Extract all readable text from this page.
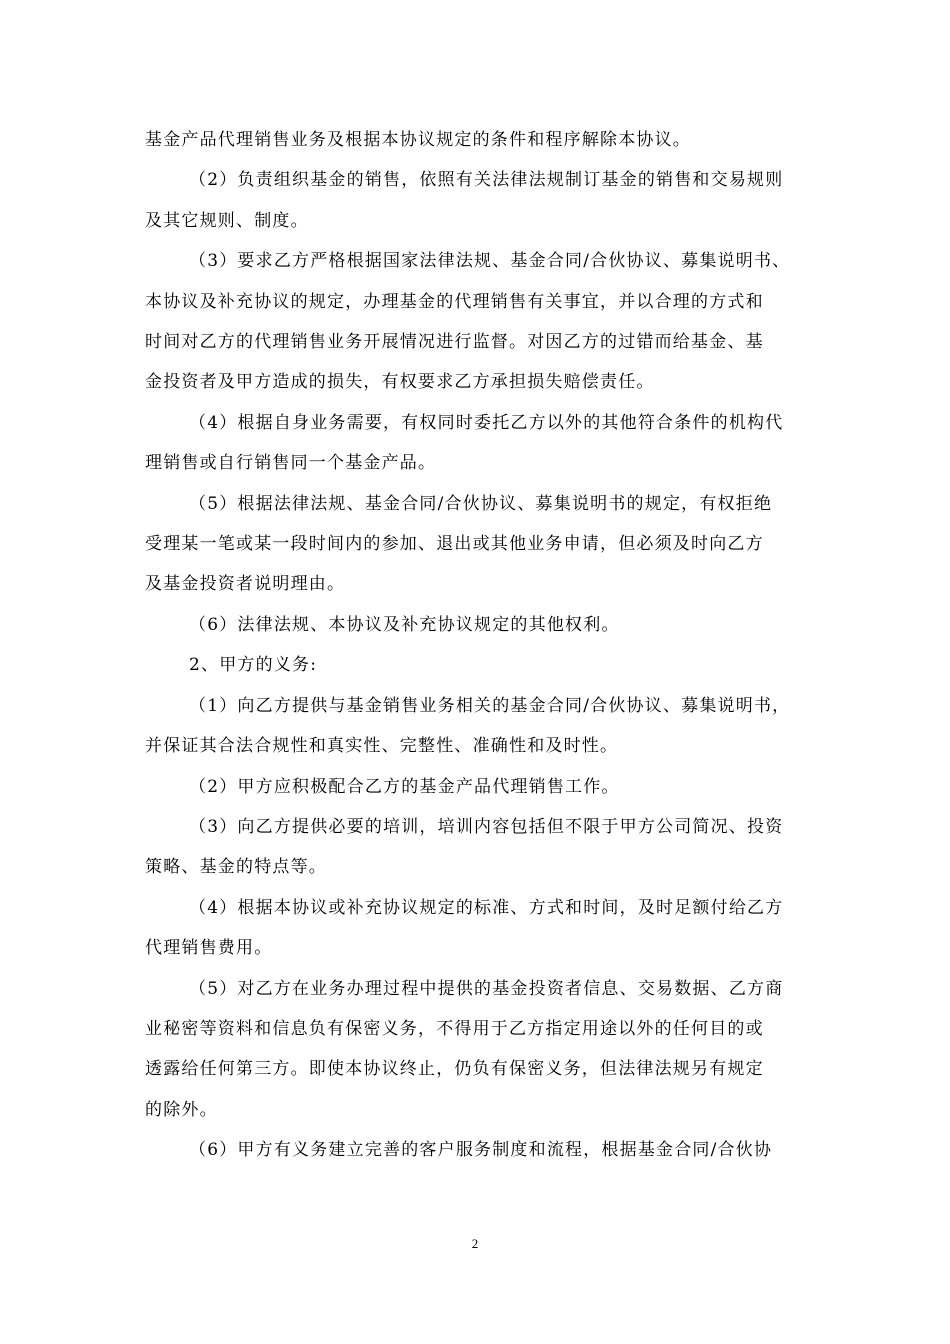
基金产品代理销售业务及根据本协议规定的条件和程序解除本协议。

（2）负责组织基金的销售，依照有关法律法规制订基金的销售和交易规则

及其它规则、制度。

（3）要求乙方严格根据国家法律法规、基金合同/合伙协议、募集说明书、

本协议及补充协议的规定，办理基金的代理销售有关事宜，并以合理的方式和

时间对乙方的代理销售业务开展情况进行监督。对因乙方的过错而给基金、基

金投资者及甲方造成的损失，有权要求乙方承担损失赔偿责任。

（4）根据自身业务需要，有权同时委托乙方以外的其他符合条件的机构代

理销售或自行销售同一个基金产品。

（5）根据法律法规、基金合同/合伙协议、募集说明书的规定，有权拒绝

受理某一笔或某一段时间内的参加、退出或其他业务申请，但必须及时向乙方

及基金投资者说明理由。

（6）法律法规、本协议及补充协议规定的其他权利。

2、甲方的义务:

（1）向乙方提供与基金销售业务相关的基金合同/合伙协议、募集说明书，

并保证其合法合规性和真实性、完整性、准确性和及时性。

（2）甲方应积极配合乙方的基金产品代理销售工作。

（3）向乙方提供必要的培训，培训内容包括但不限于甲方公司简况、投资

策略、基金的特点等。

（4）根据本协议或补充协议规定的标准、方式和时间，及时足额付给乙方

代理销售费用。

（5）对乙方在业务办理过程中提供的基金投资者信息、交易数据、乙方商

业秘密等资料和信息负有保密义务，不得用于乙方指定用途以外的任何目的或

透露给任何第三方。即使本协议终止，仍负有保密义务，但法律法规另有规定

的除外。

（6）甲方有义务建立完善的客户服务制度和流程，根据基金合同/合伙协

2
